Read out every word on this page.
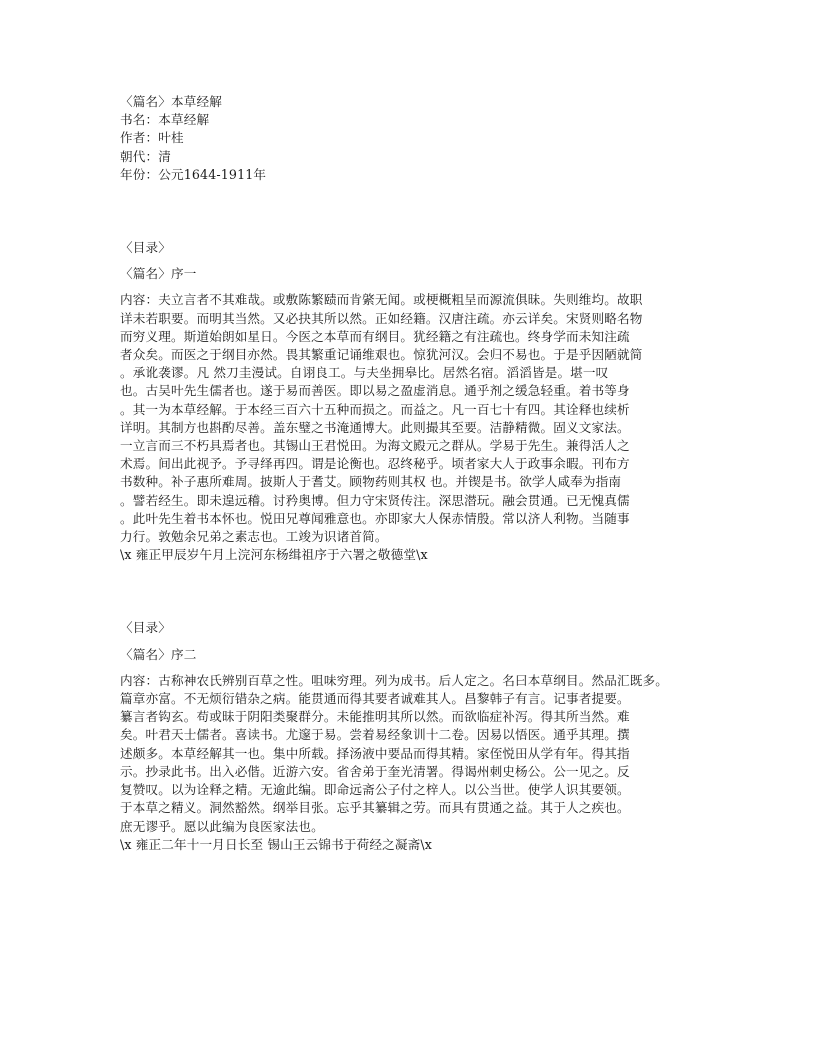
〈篇名〉本草经解
书名：本草经解
作者：叶桂
朝代：清
年份：公元1644-1911年
〈目录〉
〈篇名〉序一
内容：夫立言者不其难哉。或敷陈繁赜而肯綮无闻。或梗概粗呈而源流俱昧。失则维均。故职
详未若职要。而明其当然。又必抉其所以然。正如经籍。汉唐注疏。亦云详矣。宋贤则略名物
而穷义理。斯道始朗如星日。今医之本草而有纲目。犹经籍之有注疏也。终身学而未知注疏
者众矣。而医之于纲目亦然。畏其繁重记诵维艰也。惊犹河汉。会归不易也。于是乎因陋就简
。承讹袭谬。凡 然刀圭漫试。自诩良工。与夫坐拥皋比。居然名宿。滔滔皆是。堪一叹
也。古吴叶先生儒者也。遂于易而善医。即以易之盈虚消息。通乎剂之缓急轻重。着书等身
。其一为本草经解。于本经三百六十五种而损之。而益之。凡一百七十有四。其诠释也续析
详明。其制方也斟酌尽善。盖东璧之书淹通博大。此则撮其至要。洁静精微。固义文家法。
一立言而三不朽具焉者也。其锡山王君悦田。为海文殿元之群从。学易于先生。兼得活人之
术焉。间出此视予。予寻绎再四。谓是论衡也。忍终秘乎。顷者家大人于政事余暇。刊布方
书数种。补子惠所难周。披斯人于耆艾。顾物药则其权 也。并锲是书。欲学人咸奉为指南
。譬若经生。即未遑远稽。讨矜奥博。但力守宋贤传注。深思潜玩。融会贯通。已无愧真儒
。此叶先生着书本怀也。悦田兄尊闻雅意也。亦即家大人保赤情殷。常以济人利物。当随事
力行。敦勉余兄弟之素志也。工竣为识诸首简。
\x 雍正甲辰岁午月上浣河东杨缉祖序于六署之敬德堂\x
〈目录〉
〈篇名〉序二
内容：古称神农氏辨别百草之性。咀味穷理。列为成书。后人定之。名曰本草纲目。然品汇既多。
篇章亦富。不无烦衍错杂之病。能贯通而得其要者诚难其人。昌黎韩子有言。记事者提要。
纂言者钩玄。苟或昧于阴阳类聚群分。未能推明其所以然。而欲临症补泻。得其所当然。难
矣。叶君天士儒者。喜读书。尤邃于易。尝着易经象训十二卷。因易以悟医。通乎其理。撰
述颇多。本草经解其一也。集中所载。择汤液中要品而得其精。家侄悦田从学有年。得其指
示。抄录此书。出入必偕。近游六安。省舍弟于奎光清署。得谒州刺史杨公。公一见之。反
复赞叹。以为诠释之精。无逾此编。即命远斋公子付之梓人。以公当世。使学人识其要领。
于本草之精义。洞然豁然。纲举目张。忘乎其纂辑之劳。而具有贯通之益。其于人之疾也。
庶无谬乎。愿以此编为良医家法也。
\x 雍正二年十一月日长至 锡山王云锦书于荷经之凝斋\x
